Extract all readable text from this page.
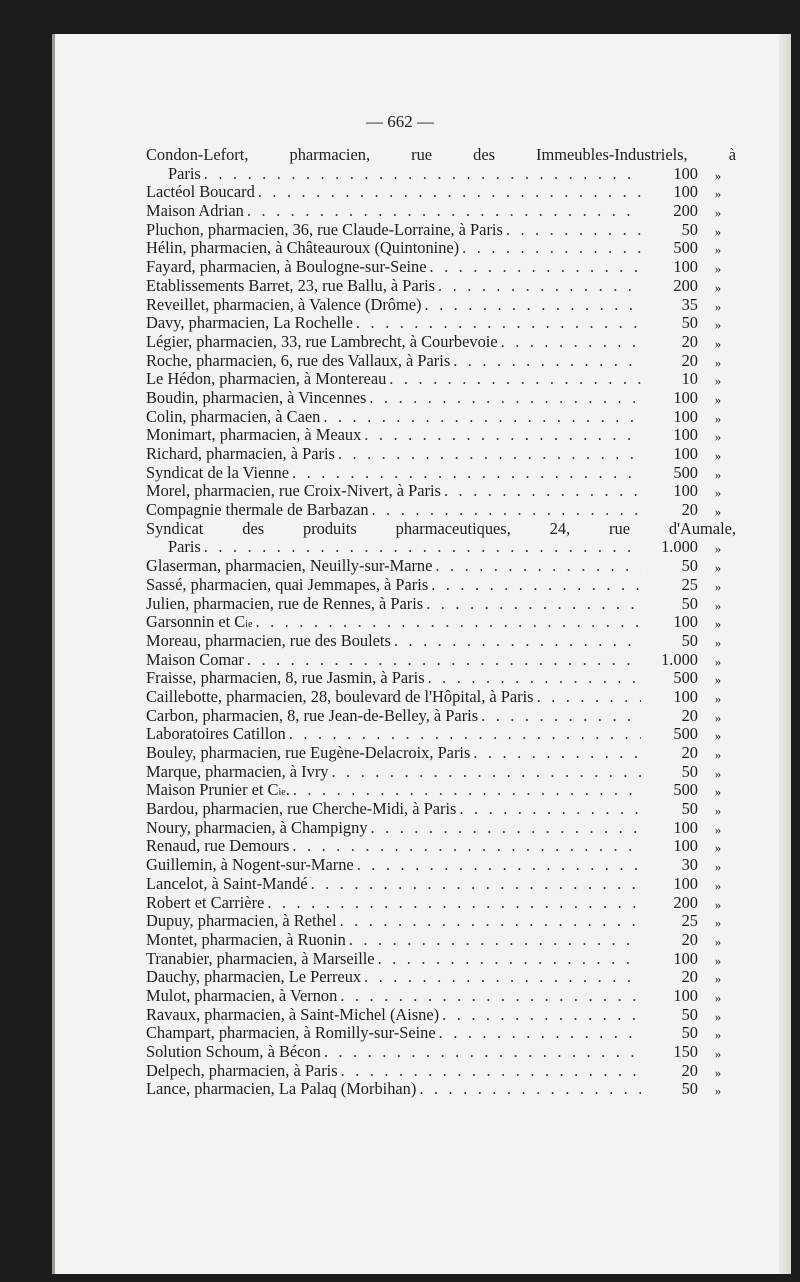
— 662 —
Condon-Lefort, pharmacien, rue des Immeubles-Industriels, à
Paris . . .	100 »
Lactéol Boucard . . .	100 »
Maison Adrian . . .	200 »
Pluchon, pharmacien, 36, rue Claude-Lorraine, à Paris . . .	50 »
Hélin, pharmacien, à Châteauroux (Quintonine) . . .	500 »
Fayard, pharmacien, à Boulogne-sur-Seine . . .	100 »
Etablissements Barret, 23, rue Ballu, à Paris . . .	200 »
Reveillet, pharmacien, à Valence (Drôme) . . .	35 »
Davy, pharmacien, La Rochelle . . .	50 »
Légier, pharmacien, 33, rue Lambrecht, à Courbevoie . . .	20 »
Roche, pharmacien, 6, rue des Vallaux, à Paris . . .	20 »
Le Hédon, pharmacien, à Montereau . . .	10 »
Boudin, pharmacien, à Vincennes . . .	100 »
Colin, pharmacien, à Caen . . .	100 »
Monimart, pharmacien, à Meaux . . .	100 »
Richard, pharmacien, à Paris . . .	100 »
Syndicat de la Vienne . . .	500 »
Morel, pharmacien, rue Croix-Nivert, à Paris . . .	100 »
Compagnie thermale de Barbazan . . .	20 »
Syndicat des produits pharmaceutiques, 24, rue d'Aumale,
Paris . . .	1.000 »
Glaserman, pharmacien, Neuilly-sur-Marne . . .	50 »
Sassé, pharmacien, quai Jemmapes, à Paris . . .	25 »
Julien, pharmacien, rue de Rennes, à Paris . . .	50 »
Garsonnin et C ie . . .	100 »
Moreau, pharmacien, rue des Boulets . . .	50 »
Maison Comar . . .	1.000 »
Fraisse, pharmacien, 8, rue Jasmin, à Paris . . .	500 »
Caillebotte, pharmacien, 28, boulevard de l'Hôpital, à Paris . . .	100 »
Carbon, pharmacien, 8, rue Jean-de-Belley, à Paris . . .	20 »
Laboratoires Catillon . . .	500 »
Bouley, pharmacien, rue Eugène-Delacroix, Paris . . .	20 »
Marque, pharmacien, à Ivry . . .	50 »
Maison Prunier et C ie . . . .	500 »
Bardou, pharmacien, rue Cherche-Midi, à Paris . . .	50 »
Noury, pharmacien, à Champigny . . .	100 »
Renaud, rue Demours . . .	100 »
Guillemin, à Nogent-sur-Marne . . .	30 »
Lancelot, à Saint-Mandé . . .	100 »
Robert et Carrière . . .	200 »
Dupuy, pharmacien, à Rethel . . .	25 »
Montet, pharmacien, à Ruonin . . .	20 »
Tranabier, pharmacien, à Marseille . . .	100 »
Dauchy, pharmacien, Le Perreux . . .	20 »
Mulot, pharmacien, à Vernon . . .	100 »
Ravaux, pharmacien, à Saint-Michel (Aisne) . . .	50 »
Champart, pharmacien, à Romilly-sur-Seine . . .	50 »
Solution Schoum, à Bécon . . .	150 »
Delpech, pharmacien, à Paris . . .	20 »
Lance, pharmacien, La Palaq (Morbihan) . . .	50 »
